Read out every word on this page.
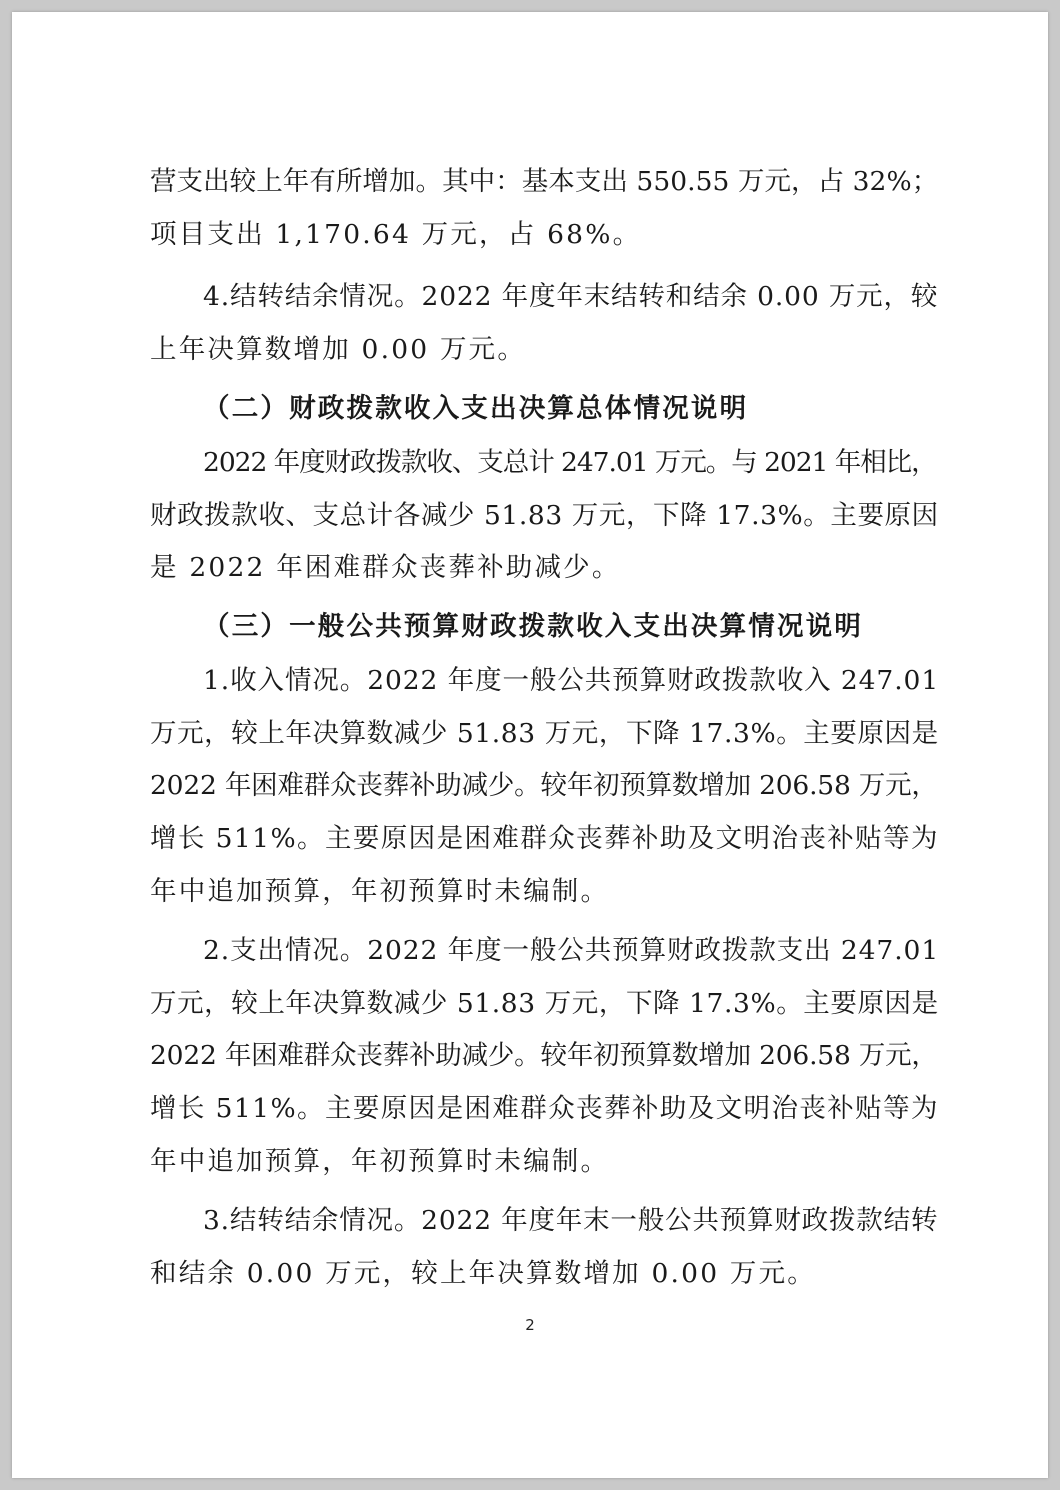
营支出较上年有所增加。其中：基本支出 550.55 万元，占 32%；
项目支出 1,170.64 万元，占 68%。
4.结转结余情况。2022 年度年末结转和结余 0.00 万元，较
上年决算数增加 0.00 万元。
（二）财政拨款收入支出决算总体情况说明
2022 年度财政拨款收、支总计 247.01 万元。与 2021 年相比，
财政拨款收、支总计各减少 51.83 万元，下降 17.3%。主要原因
是 2022 年困难群众丧葬补助减少。
（三）一般公共预算财政拨款收入支出决算情况说明
1.收入情况。2022 年度一般公共预算财政拨款收入 247.01
万元，较上年决算数减少 51.83 万元，下降 17.3%。主要原因是
2022 年困难群众丧葬补助减少。较年初预算数增加 206.58 万元，
增长 511%。主要原因是困难群众丧葬补助及文明治丧补贴等为
年中追加预算，年初预算时未编制。
2.支出情况。2022 年度一般公共预算财政拨款支出 247.01
万元，较上年决算数减少 51.83 万元，下降 17.3%。主要原因是
2022 年困难群众丧葬补助减少。较年初预算数增加 206.58 万元，
增长 511%。主要原因是困难群众丧葬补助及文明治丧补贴等为
年中追加预算，年初预算时未编制。
3.结转结余情况。2022 年度年末一般公共预算财政拨款结转
和结余 0.00 万元，较上年决算数增加 0.00 万元。
2
